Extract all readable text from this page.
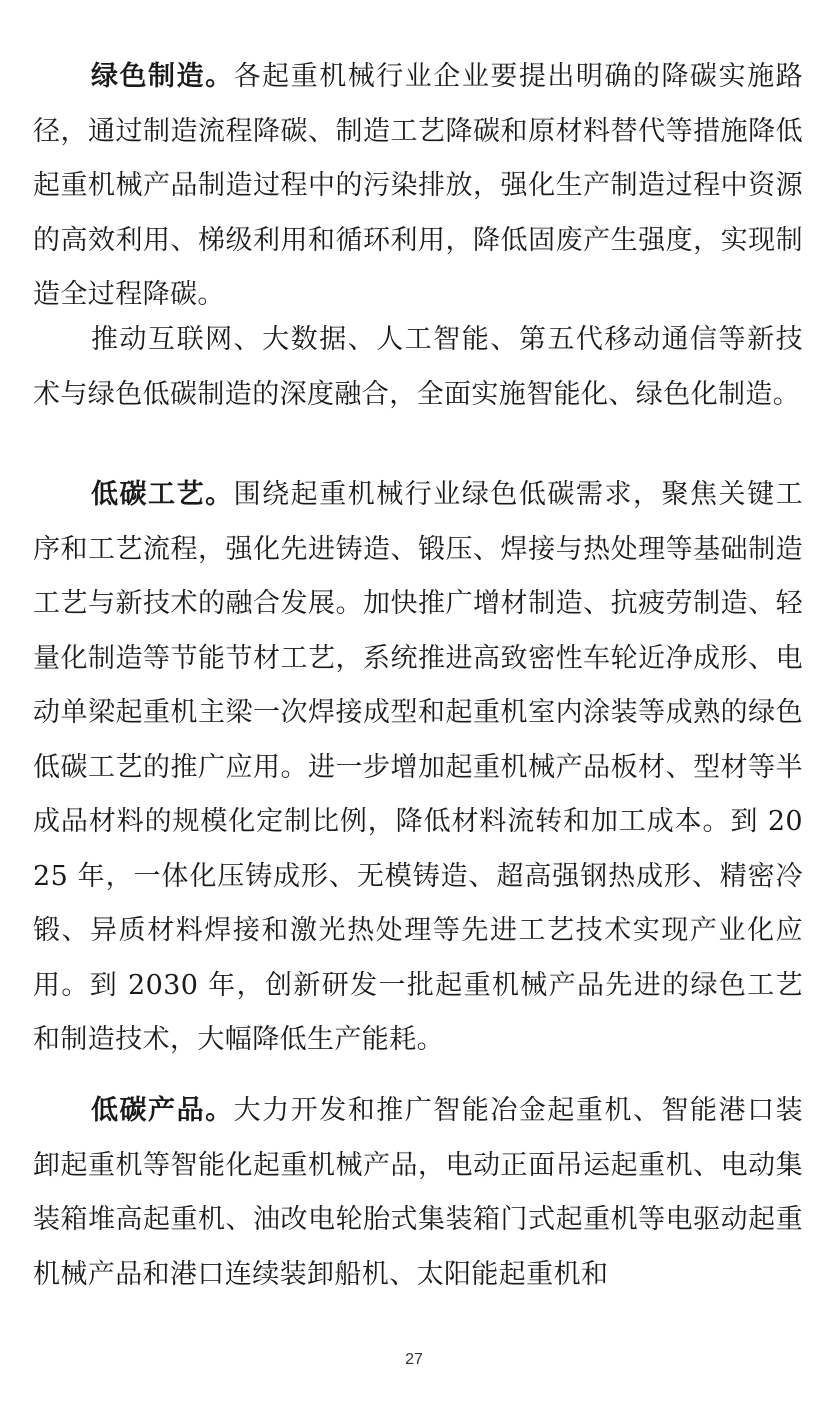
绿色制造。各起重机械行业企业要提出明确的降碳实施路径，通过制造流程降碳、制造工艺降碳和原材料替代等措施降低起重机械产品制造过程中的污染排放，强化生产制造过程中资源的高效利用、梯级利用和循环利用，降低固废产生强度，实现制造全过程降碳。

推动互联网、大数据、人工智能、第五代移动通信等新技术与绿色低碳制造的深度融合，全面实施智能化、绿色化制造。

低碳工艺。围绕起重机械行业绿色低碳需求，聚焦关键工序和工艺流程，强化先进铸造、锻压、焊接与热处理等基础制造工艺与新技术的融合发展。加快推广增材制造、抗疲劳制造、轻量化制造等节能节材工艺，系统推进高致密性车轮近净成形、电动单梁起重机主梁一次焊接成型和起重机室内涂装等成熟的绿色低碳工艺的推广应用。进一步增加起重机械产品板材、型材等半成品材料的规模化定制比例，降低材料流转和加工成本。到 2025 年，一体化压铸成形、无模铸造、超高强钢热成形、精密冷锻、异质材料焊接和激光热处理等先进工艺技术实现产业化应用。到 2030 年，创新研发一批起重机械产品先进的绿色工艺和制造技术，大幅降低生产能耗。

低碳产品。大力开发和推广智能冶金起重机、智能港口装卸起重机等智能化起重机械产品，电动正面吊运起重机、电动集装箱堆高起重机、油改电轮胎式集装箱门式起重机等电驱动起重机械产品和港口连续装卸船机、太阳能起重机和

27
